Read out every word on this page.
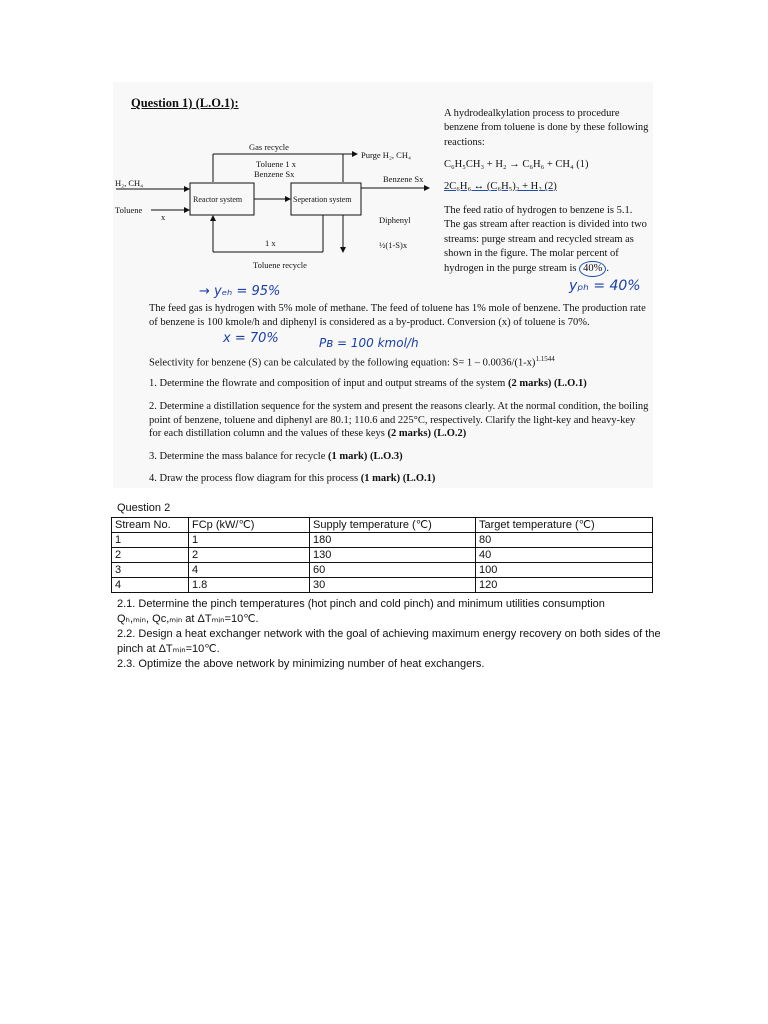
Question 1) (L.O.1):
Gas recycle
Toluene 1 x
Benzene Sx
Purge H₂, CH₄
H₂, CH₄
Toluene
x
Reactor system	Seperation system
Benzene Sx
Diphenyl
½(1-S)x
1 x
Toluene recycle
A hydrodealkylation process to procedure benzene from toluene is done by these following reactions:
C₆H₅CH₃ + H₂ → C₆H₆ + CH₄ (1)
2C₆H₆ ↔ (C₆H₅)₂ + H₂ (2)
The feed ratio of hydrogen to benzene is 5.1. The gas stream after reaction is divided into two streams: purge stream and recycled stream as shown in the figure. The molar percent of hydrogen in the purge stream is 40% .
→ yₑₕ = 95%	yₚₕ = 40%
The feed gas is hydrogen with 5% mole of methane. The feed of toluene has 1% mole of benzene. The production rate of benzene is 100 kmole/h and diphenyl is considered as a by-product. Conversion (x) of toluene is 70%.
x = 70%	Pʙ = 100 kmol/h
Selectivity for benzene (S) can be calculated by the following equation: $S= 1 - 0.0036/(1-x)^{1.1544}$
1. Determine the flowrate and composition of input and output streams of the system (2 marks) (L.O.1)
2. Determine a distillation sequence for the system and present the reasons clearly. At the normal condition, the boiling point of benzene, toluene and diphenyl are 80.1; 110.6 and 225°C, respectively. Clarify the light-key and heavy-key for each distillation column and the values of these keys (2 marks) (L.O.2)
3. Determine the mass balance for recycle (1 mark) (L.O.3)
4. Draw the process flow diagram for this process (1 mark) (L.O.1)
Question 2
Stream No.	FCp (kW/℃)	Supply temperature (℃)	Target temperature (℃)
1	1	180	80
2	2	130	40
3	4	60	100
4	1.8	30	120
2.1. Determine the pinch temperatures (hot pinch and cold pinch) and minimum utilities consumption
Qₕ,ₘᵢₙ, Qc,ₘᵢₙ at ΔTₘᵢₙ=10℃.
2.2. Design a heat exchanger network with the goal of achieving maximum energy recovery on both sides of the pinch at ΔTₘᵢₙ=10℃.
2.3. Optimize the above network by minimizing number of heat exchangers.
